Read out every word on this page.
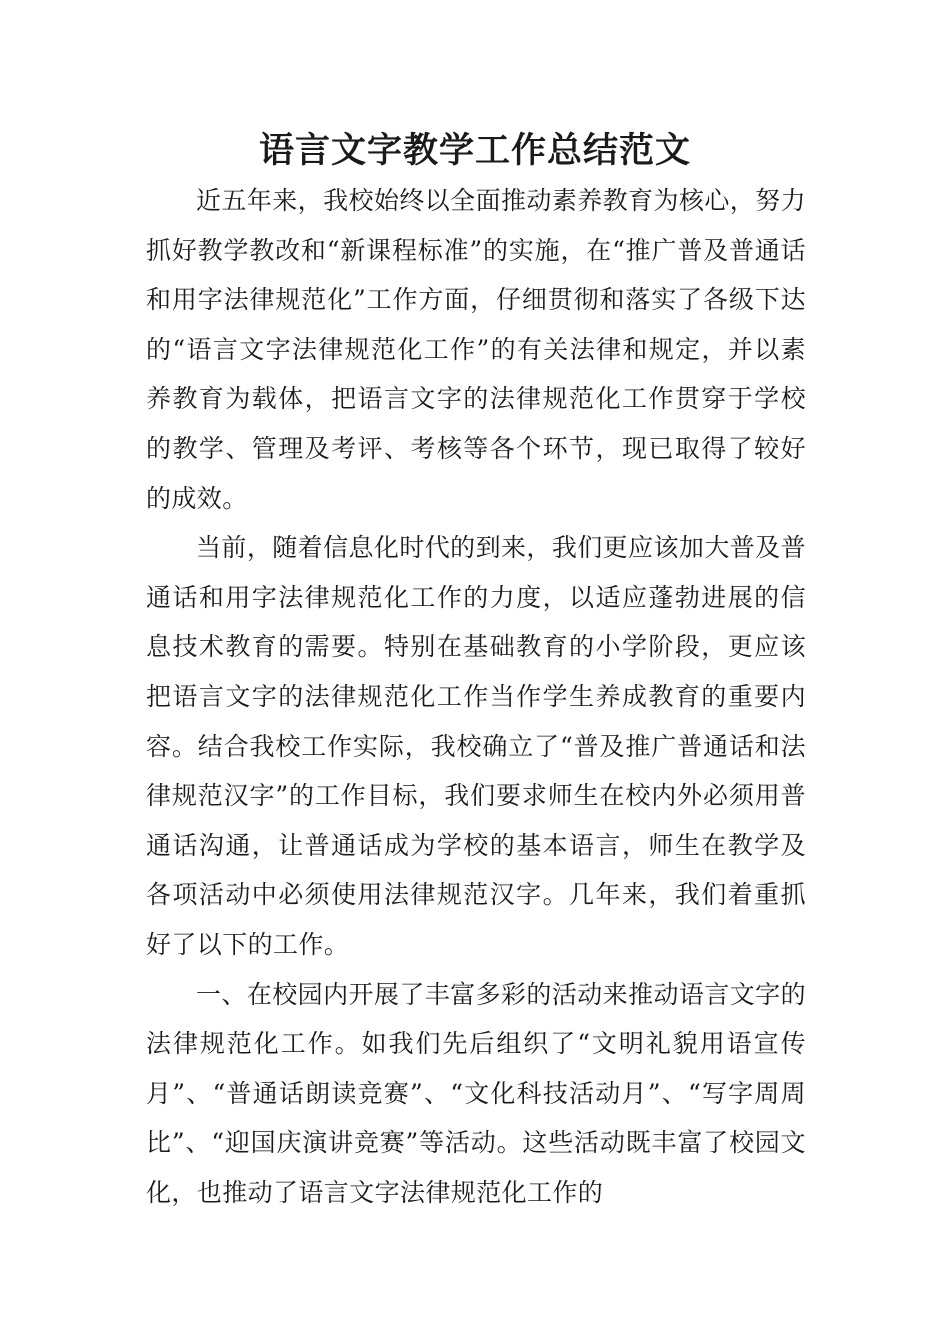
语言文字教学工作总结范文

近五年来，我校始终以全面推动素养教育为核心，努力抓好教学教改和“新课程标准”的实施，在“推广普及普通话和用字法律规范化”工作方面，仔细贯彻和落实了各级下达的“语言文字法律规范化工作”的有关法律和规定，并以素养教育为载体，把语言文字的法律规范化工作贯穿于学校的教学、管理及考评、考核等各个环节，现已取得了较好的成效。

当前，随着信息化时代的到来，我们更应该加大普及普通话和用字法律规范化工作的力度，以适应蓬勃进展的信息技术教育的需要。特别在基础教育的小学阶段，更应该把语言文字的法律规范化工作当作学生养成教育的重要内容。结合我校工作实际，我校确立了“普及推广普通话和法律规范汉字”的工作目标，我们要求师生在校内外必须用普通话沟通，让普通话成为学校的基本语言，师生在教学及各项活动中必须使用法律规范汉字。几年来，我们着重抓好了以下的工作。

一、在校园内开展了丰富多彩的活动来推动语言文字的法律规范化工作。如我们先后组织了“文明礼貌用语宣传月”、“普通话朗读竞赛”、“文化科技活动月”、“写字周周比”、“迎国庆演讲竞赛”等活动。这些活动既丰富了校园文化，也推动了语言文字法律规范化工作的
